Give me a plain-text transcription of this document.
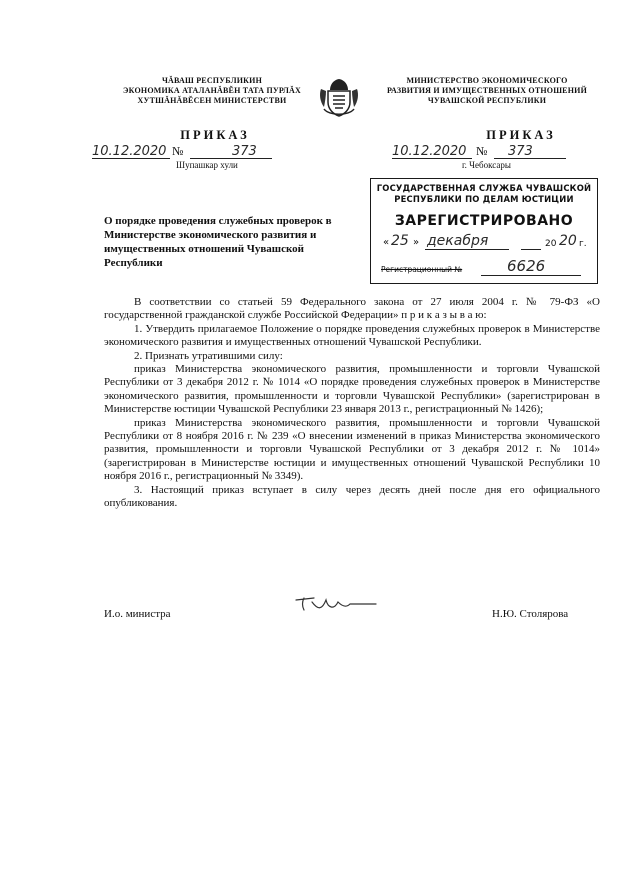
ЧĂВАШ РЕСПУБЛИКИН
ЭКОНОМИКА АТАЛАНĂВĔН ТАТА ПУРЛĂХ
ХУТШĂНĂВĔСЕН МИНИСТЕРСТВИ
МИНИСТЕРСТВО ЭКОНОМИЧЕСКОГО
РАЗВИТИЯ И ИМУЩЕСТВЕННЫХ ОТНОШЕНИЙ
ЧУВАШСКОЙ РЕСПУБЛИКИ
ПРИКАЗ
10.12.2020 №	373
Шупашкар хули
ПРИКАЗ
10.12.2020 №	373
г. Чебоксары
ГОСУДАРСТВЕННАЯ СЛУЖБА ЧУВАШСКОЙ
РЕСПУБЛИКИ ПО ДЕЛАМ ЮСТИЦИИ
ЗАРЕГИСТРИРОВАНО
« 25 » декабря	20 20 г.
Регистрационный №	6626
О порядке проведения служебных проверок в Министерстве экономического развития и имущественных отношений Чувашской Республики
В соответствии со статьей 59 Федерального закона от 27 июля 2004 г. № 79-ФЗ «О государственной гражданской службе Российской Федерации» п р и к а з ы в а ю:
1. Утвердить прилагаемое Положение о порядке проведения служебных проверок в Министерстве экономического развития и имущественных отношений Чувашской Республики.
2. Признать утратившими силу:
приказ Министерства экономического развития, промышленности и торговли Чувашской Республики от 3 декабря 2012 г. № 1014 «О порядке проведения служебных проверок в Министерстве экономического развития, промышленности и торговли Чувашской Республики» (зарегистрирован в Министерстве юстиции Чувашской Республики 23 января 2013 г., регистрационный № 1426);
приказ Министерства экономического развития, промышленности и торговли Чувашской Республики от 8 ноября 2016 г. № 239 «О внесении изменений в приказ Министерства экономического развития, промышленности и торговли Чувашской Республики от 3 декабря 2012 г. № 1014» (зарегистрирован в Министерстве юстиции и имущественных отношений Чувашской Республики 10 ноября 2016 г., регистрационный № 3349).
3. Настоящий приказ вступает в силу через десять дней после дня его официального опубликования.
И.о. министра	Н.Ю. Столярова
